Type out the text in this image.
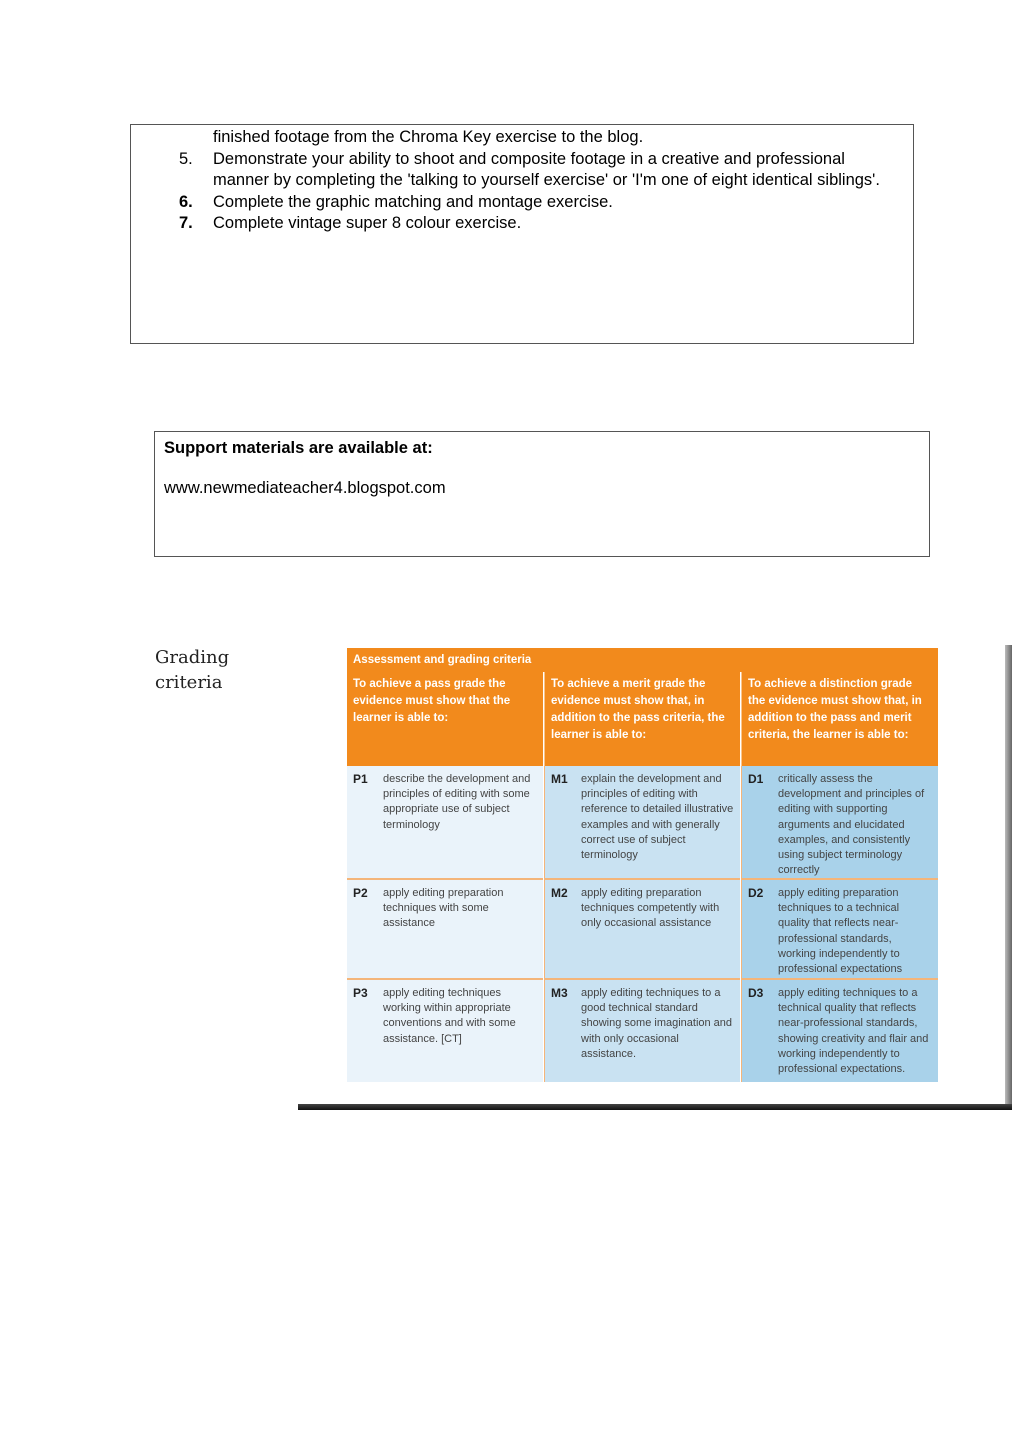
finished footage from the Chroma Key exercise to the blog.
5. Demonstrate your ability to shoot and composite footage in a creative and professional manner by completing the 'talking to yourself exercise' or 'I'm one of eight identical siblings'.
6. Complete the graphic matching and montage exercise.
7. Complete vintage super 8 colour exercise.
Support materials are available at:
www.newmediateacher4.blogspot.com
Grading criteria
Assessment and grading criteria
To achieve a pass grade the evidence must show that the learner is able to:
To achieve a merit grade the evidence must show that, in addition to the pass criteria, the learner is able to:
To achieve a distinction grade the evidence must show that, in addition to the pass and merit criteria, the learner is able to:
P1 describe the development and principles of editing with some appropriate use of subject terminology
M1 explain the development and principles of editing with reference to detailed illustrative examples and with generally correct use of subject terminology
D1 critically assess the development and principles of editing with supporting arguments and elucidated examples, and consistently using subject terminology correctly
P2 apply editing preparation techniques with some assistance
M2 apply editing preparation techniques competently with only occasional assistance
D2 apply editing preparation techniques to a technical quality that reflects near-professional standards, working independently to professional expectations
P3 apply editing techniques working within appropriate conventions and with some assistance. [CT]
M3 apply editing techniques to a good technical standard showing some imagination and with only occasional assistance.
D3 apply editing techniques to a technical quality that reflects near-professional standards, showing creativity and flair and working independently to professional expectations.
